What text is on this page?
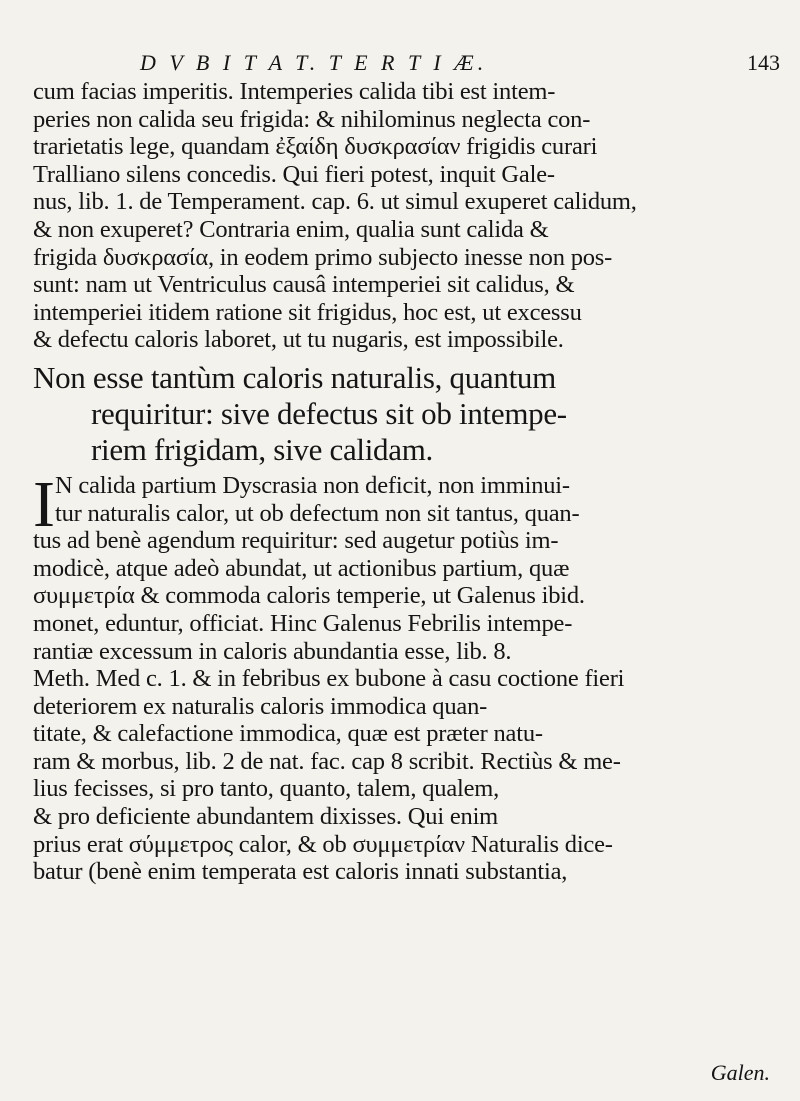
D V B I T A T. T E R T I Æ.	143
cum facias imperitis. Intemperies calida tibi est intem-
peries non calida seu frigida: & nihilominus neglecta con-
trarietatis lege, quandam ἐξαίδη δυσκρασίαν frigidis curari
Tralliano silens concedis. Qui fieri potest, inquit Gale-
nus, lib. 1. de Temperament. cap. 6. ut simul exuperet calidum,
& non exuperet? Contraria enim, qualia sunt calida &
frigida δυσκρασία, in eodem primo subjecto inesse non pos-
sunt: nam ut Ventriculus causâ intemperiei sit calidus, &
intemperiei itidem ratione sit frigidus, hoc est, ut excessu
& defectu caloris laboret, ut tu nugaris, est impossibile.
Non esse tantùm caloris naturalis, quantum
requiritur: sive defectus sit ob intempe-
riem frigidam, sive calidam.
I N calida partium Dyscrasia non deficit, non imminui-
tur naturalis calor, ut ob defectum non sit tantus, quan-
tus ad benè agendum requiritur: sed augetur potiùs im-
modicè, atque adeò abundat, ut actionibus partium, quæ
συμμετρία & commoda caloris temperie, ut Galenus ibid.
monet, eduntur, officiat. Hinc Galenus Febrilis intempe-
rantiæ excessum in caloris abundantia esse, lib. 8.
Meth. Med c. 1. & in febribus ex bubone à casu coctione fieri
deteriorem ex naturalis caloris immodica quan-
titate, & calefactione immodica, quæ est præter natu-
ram & morbus, lib. 2 de nat. fac. cap 8 scribit. Rectiùs & me-
lius fecisses, si pro tanto, quanto, talem, qualem,
& pro deficiente abundantem dixisses. Qui enim
prius erat σύμμετρος calor, & ob συμμετρίαν Naturalis dice-
batur (benè enim temperata est caloris innati substantia,
Galen.
